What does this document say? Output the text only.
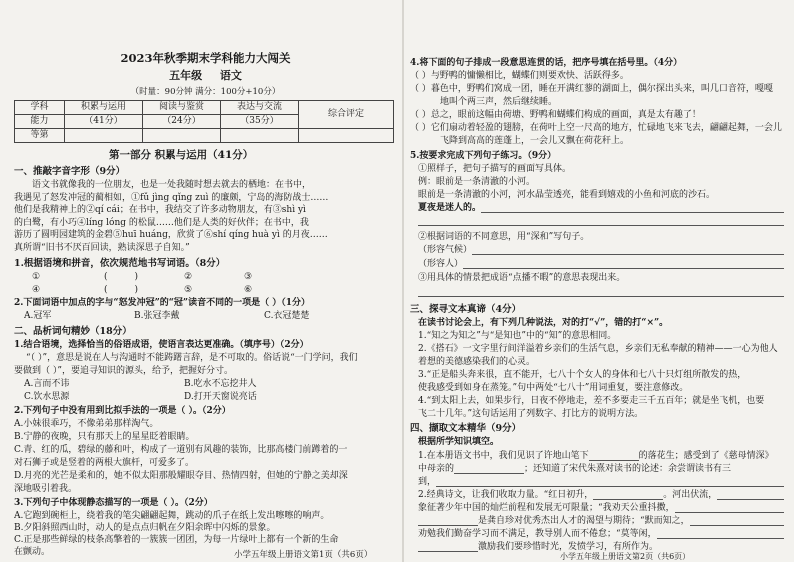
2023年秋季期末学科能力大闯关
五年级 语文
（时量：90分钟 满分：100分+10分）
学科	积累与运用	阅读与鉴赏	表达与交流	综合评定
能力	（41分）	（24分）	（35分）	
等第				
第一部分 积累与运用（41分）
一、推敲字音字形（9分）
语文书就像我的一位朋友，也是一处我随时想去就去的栖地：在书中，
我遇见了怒发冲冠的蔺相如，①fǔ jìng qǐng zuì 的廉颇，宁岛的海防战士……
他们是我精神上的②qí cái；在书中，我结交了许多动物朋友，有③shì yì
的白鹭，有小巧④líng lóng 的松鼠……他们是人类的好伙伴；在书中，我
游历了圆明园建筑的金碧⑤huī huáng，欣赏了⑥shí qíng huà yì 的月夜……
真所谓“旧书不厌百回读，熟读深思子自知。”
1.根据语境和拼音，依次规范地书写词语。（8分）
①	(　　　)	②	③
④	(　　　)	⑤	⑥
2.下面词语中加点的字与“怒发冲冠”的“冠”读音不同的一项是（ ）（1分）
A.冠军	B.张冠李戴	C.衣冠楚楚
二、品析词句精妙（18分）
1.结合语境，选择恰当的俗语成语，使语言表达更准确。（填序号）（2分）
“（ ）”，意思是说在人与沟通时不能踌躇言辞，是不可取的。俗话说“一门学问，我们
要做到（ ）”，要追寻知识的源头，给予，把握好分寸。
A.言而不讳	B.吃水不忘挖井人
C.饮水思源	D.打开天窗说亮话
2.下列句子中没有用到比拟手法的一项是（ ）。（2分）
A.小妹很乖巧，不像弟弟那样淘气。
B.宁静的夜晚，只有那天上的星星眨着眼睛。
C.青、红的瓜，碧绿的藤和叶，构成了一道别有风趣的装饰，比那高楼门前蹲着的一
对石狮子或是竖着的两根大旗杆，可爱多了。
D.月亮的光芒是柔和的，她不似太阳那般耀眼夺目、热情四射，但她的宁静之美却深
深地吸引着我。
3.下列句子中体现静态描写的一项是（ ）。（2分）
A.它跑到碗柜上，绕着我的笔尖翩翩起舞，跳动的爪子在纸上发出嚓嚓的响声。
B.夕阳斜照西山时，动人的是点点归帆在夕阳余晖中闪烁的景象。
C.正是那些鲜绿的枝条高擎着的一簇簇一团团，为每一片绿叶上都有一个新的生命
在颤动。	小学五年级上册语文第1页（共6页）
4.将下面的句子排成一段意思连贯的话，把序号填在括号里。（4分）
（ ）与野鸭的慵懒相比，蝴蝶们则要欢快、活跃得多。
（ ）暮色中，野鸭们窝成一团，睡在开满红蓼的湖面上，偶尔探出头来，叫几口音符，嘎嘎
地叫个两三声，然后继续睡。
（ ）总之，眼前这幅由荷塘、野鸭和蝴蝶们构成的画面，真是太有趣了！
（ ）它们扇动着轻盈的翅膀，在荷叶上空一尺高的地方，忙碌地飞来飞去，翩翩起舞，一会儿
飞降到高高的莲蓬上，一会儿又飘在荷花秆上。
5.按要求完成下列句子练习。（9分）
①照样子，把句子描写的画面写具体。
例：眼前是一条清澈的小河。
眼前是一条清澈的小河，河水晶莹透亮，能看到嬉戏的小鱼和河底的沙石。
夏夜是迷人的。
②根据词语的不同意思，用“深和”写句子。
（形容气候）
（形容人）
③用具体的情景把成语“点播不暇”的意思表现出来。
三、探寻文本真谛（4分）
在读书讨论会上，有下列几种说法，对的打“√”，错的打“×”。
1.“知之为知之”与“是知也”中的“知”的意思相同。
2.《搭石》一文字里行间洋溢着乡亲们的生活气息，乡亲们无私奉献的精神——一心为他人
着想的美德感染我们的心灵。
3.“正是船头奔来很，直不能开，七八十个女人的身体和七八十只灯组所散发的热，
使我感受到如身在蒸笼。”句中两处“七八十”用词重复，要注意修改。
4.“到太阳上去，如果步行，日夜不停地走，差不多要走三千五百年；就是坐飞机，也要
飞二十几年。”这句话运用了列数字、打比方的说明方法。
四、撷取文本精华（9分）
根据所学知识填空。
1.在本册语文书中，我们见识了许地山笔下	的落花生；感受到了《慈母情深》
中母亲的	；还知道了宋代朱熹对读书的论述：余尝谓读书有三
到，
2.经典诗文，让我们收取力量。“红日初升，	。河出伏流，
象征著少年中国的灿烂前程和发展无可限量；“我劝天公重抖擞，
是龚自珍对优秀杰出人才的渴望与期待；“默而知之，
劝勉我们勤奋学习而不满足，教导别人而不倦怠；“莫等闲，
激励我们要珍惜时光，发愤学习，有所作为。
小学五年级上册语文第2页（共6页）
